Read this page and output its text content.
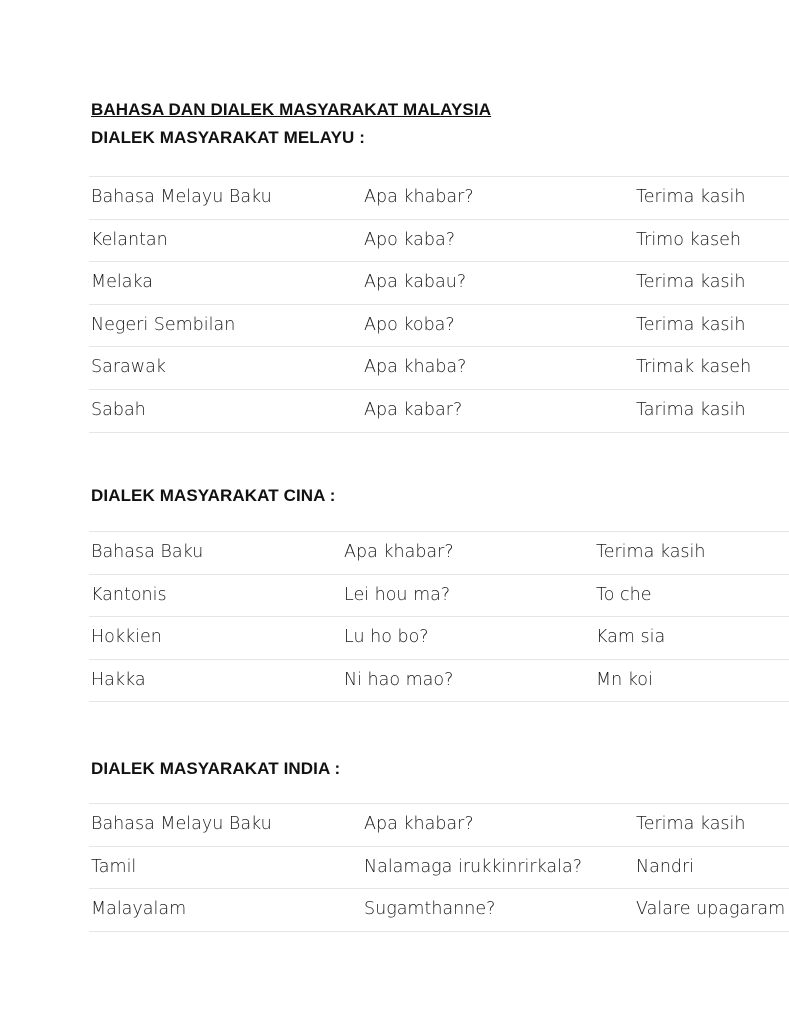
BAHASA DAN DIALEK MASYARAKAT MALAYSIA
DIALEK MASYARAKAT MELAYU :
Bahasa Melayu Baku	Apa khabar?	Terima kasih
Kelantan	Apo kaba?	Trimo kaseh
Melaka	Apa kabau?	Terima kasih
Negeri Sembilan	Apo koba?	Terima kasih
Sarawak	Apa khaba?	Trimak kaseh
Sabah	Apa kabar?	Tarima kasih
DIALEK MASYARAKAT CINA :
Bahasa Baku	Apa khabar?	Terima kasih
Kantonis	Lei hou ma?	To che
Hokkien	Lu ho bo?	Kam sia
Hakka	Ni hao mao?	Mn koi
DIALEK MASYARAKAT INDIA :
Bahasa Melayu Baku	Apa khabar?	Terima kasih
Tamil	Nalamaga irukkinrirkala?	Nandri
Malayalam	Sugamthanne?	Valare upagaram
